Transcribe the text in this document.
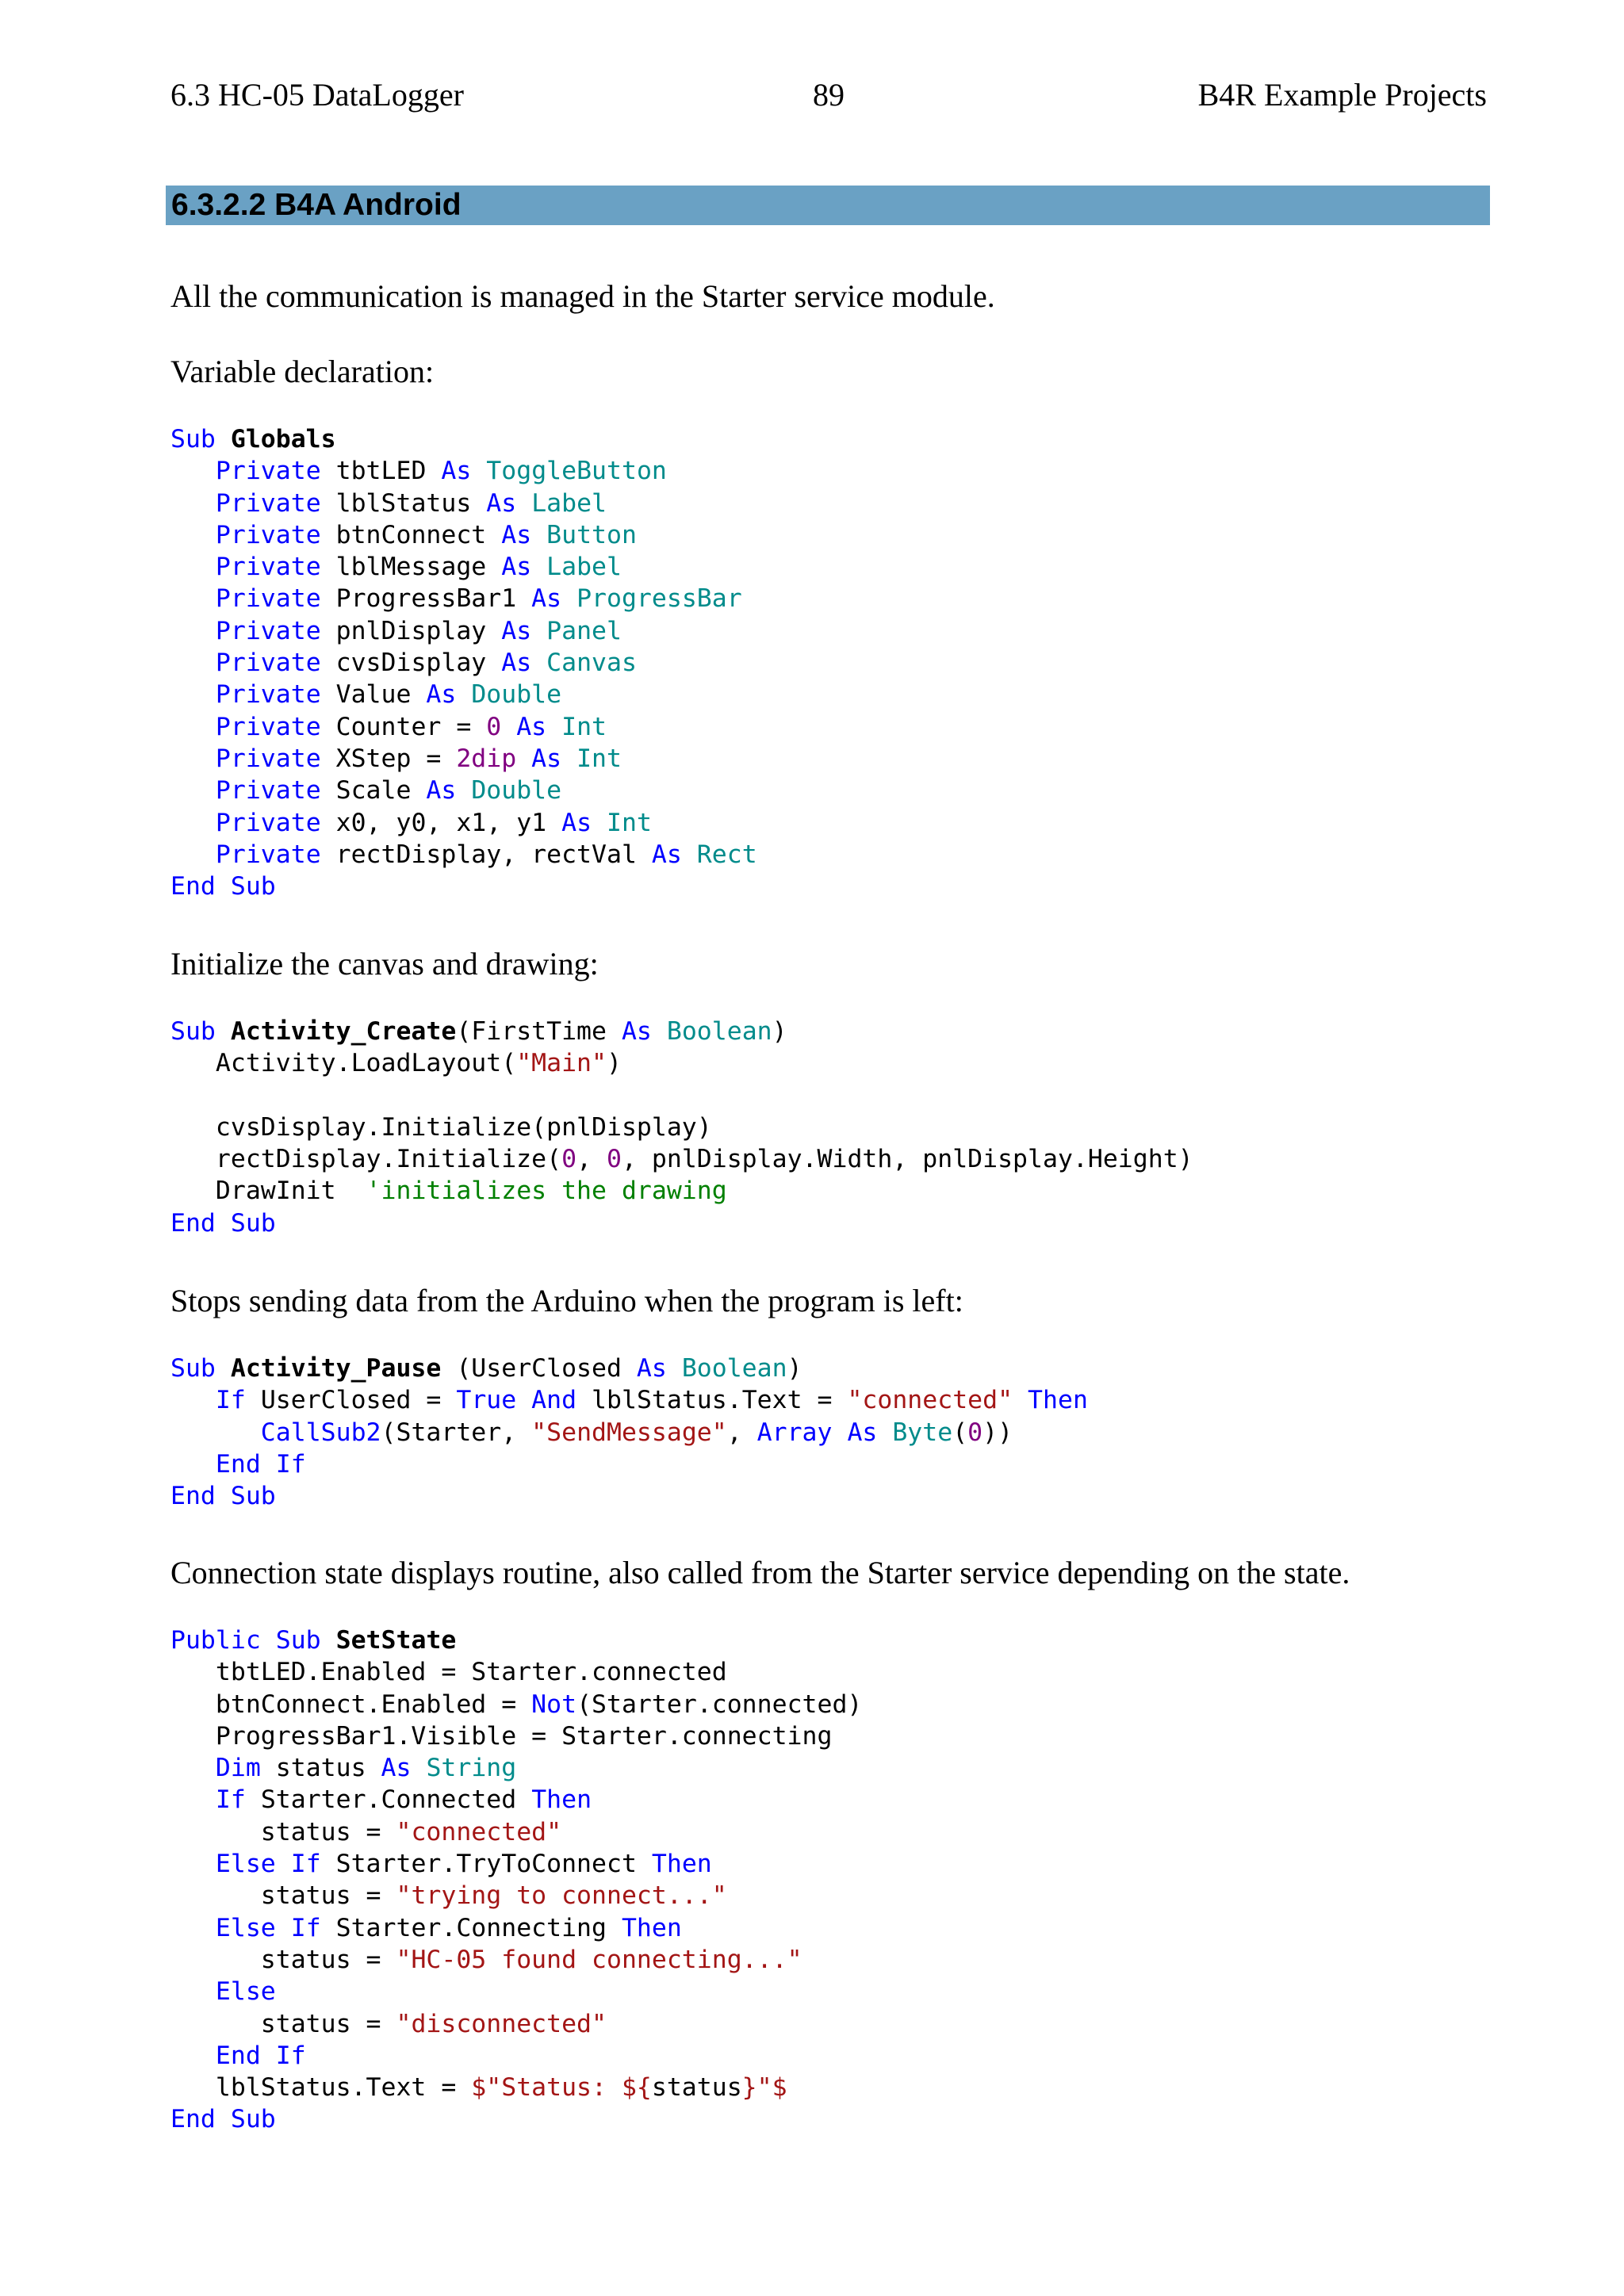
6.3 HC-05 DataLogger	89	B4R Example Projects
6.3.2.2 B4A Android
All the communication is managed in the Starter service module.
Variable declaration:
Sub Globals
Private tbtLED As ToggleButton
Private lblStatus As Label
Private btnConnect As Button
Private lblMessage As Label
Private ProgressBar1 As ProgressBar
Private pnlDisplay As Panel
Private cvsDisplay As Canvas
Private Value As Double
Private Counter = 0 As Int
Private XStep = 2dip As Int
Private Scale As Double
Private x0, y0, x1, y1 As Int
Private rectDisplay, rectVal As Rect
End Sub
Initialize the canvas and drawing:
Sub Activity_Create(FirstTime As Boolean)
Activity.LoadLayout("Main")

cvsDisplay.Initialize(pnlDisplay)
rectDisplay.Initialize(0, 0, pnlDisplay.Width, pnlDisplay.Height)
DrawInit  'initializes the drawing
End Sub
Stops sending data from the Arduino when the program is left:
Sub Activity_Pause (UserClosed As Boolean)
If UserClosed = True And lblStatus.Text = "connected" Then
CallSub2(Starter, "SendMessage", Array As Byte(0))
End If
End Sub
Connection state displays routine, also called from the Starter service depending on the state.
Public Sub SetState
tbtLED.Enabled = Starter.connected
btnConnect.Enabled = Not(Starter.connected)
ProgressBar1.Visible = Starter.connecting
Dim status As String
If Starter.Connected Then
status = "connected"
Else If Starter.TryToConnect Then
status = "trying to connect..."
Else If Starter.Connecting Then
status = "HC-05 found connecting..."
Else
status = "disconnected"
End If
lblStatus.Text = $"Status: ${status}"$
End Sub
